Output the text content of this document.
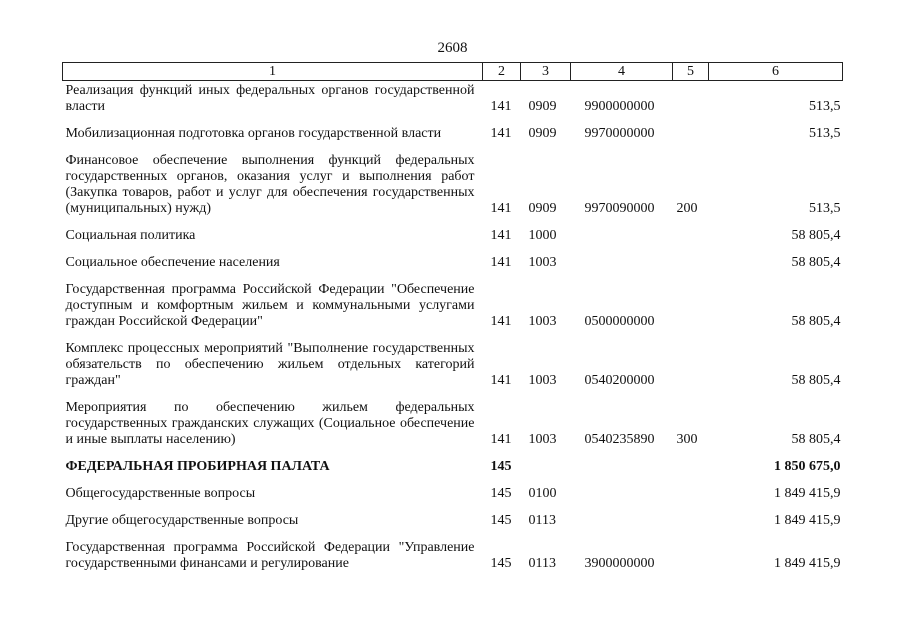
2608
1	2	3	4	5	6
Реализация функций иных федеральных органов государственной власти	141	0909	9900000000		513,5
Мобилизационная подготовка органов государственной власти	141	0909	9970000000		513,5
Финансовое обеспечение выполнения функций федеральных государственных органов, оказания услуг и выполнения работ (Закупка товаров, работ и услуг для обеспечения государственных (муниципальных) нужд)	141	0909	9970090000	200	513,5
Социальная политика	141	1000			58 805,4
Социальное обеспечение населения	141	1003			58 805,4
Государственная программа Российской Федерации "Обеспечение доступным и комфортным жильем и коммунальными услугами граждан Российской Федерации"	141	1003	0500000000		58 805,4
Комплекс процессных мероприятий "Выполнение государственных обязательств по обеспечению жильем отдельных категорий граждан"	141	1003	0540200000		58 805,4
Мероприятия по обеспечению жильем федеральных государственных гражданских служащих (Социальное обеспечение и иные выплаты населению)	141	1003	0540235890	300	58 805,4
ФЕДЕРАЛЬНАЯ ПРОБИРНАЯ ПАЛАТА	145				1 850 675,0
Общегосударственные вопросы	145	0100			1 849 415,9
Другие общегосударственные вопросы	145	0113			1 849 415,9
Государственная программа Российской Федерации "Управление государственными финансами и регулирование	145	0113	3900000000		1 849 415,9
